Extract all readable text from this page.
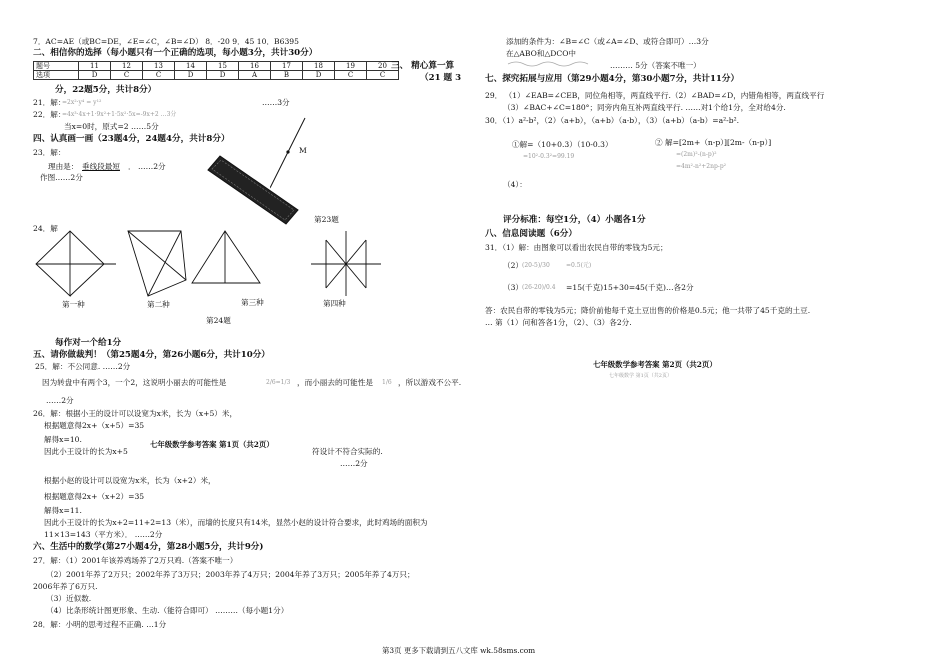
7．AC=AE（或BC=DE，∠E=∠C，∠B=∠D） 8．-20 9．45 10．B6395
二、相信你的选择（每小题只有一个正确的选项，每小题3分，共计30分）
题号	11	12	13	14	15	16	17	18	19	20
选项	D	C	C	D	D	A	B	D	C	C
三、 精心算一算
（21 题 3
分，22题5分，共计8分）
21．解：
=2x²·y⁴ = y¹²	……3分
22．解：
=4x³·4x+1·9x²+1·5x²·5x=-9x+2 …3分
当x=0时，原式=2 ……5分
四、认真画一画（23题4分，24题4分，共计8分）
23．解：
理由是： 垂线段最短 ． ……2分
作图……2分
M
第23题
24．解
第一种	第二种	第三种	第四种
第24题
每作对一个给1分
五、请你做裁判！（第25题4分，第26小题6分，共计10分）
25．解：不公同意. ……2分
因为转盘中有两个3，一个2，这说明小丽去的可能性是	2/6=1/3 ，而小丽去的可能性是 1/6 ，所以游戏不公平.
……2分
26．解：根据小王的设计可以设宽为x米，长为（x+5）米，
根据题意得2x+（x+5）=35
解得x=10.
因此小王设计的长为x+5
七年级数学参考答案 第1页（共2页）
符设计不符合实际的.
……2分
根据小赵的设计可以设宽为x米，长为（x+2）米，
根据题意得2x+（x+2）=35
解得x=11.
因此小王设计的长为x+2=11+2=13（米），而墙的长度只有14米，显然小赵的设计符合要求，此时鸡场的面积为
11×13=143（平方米）． ……2分
六、生活中的数学(第27小题4分，第28小题5分，共计9分)
27．解：（1）2001年该养鸡场养了2万只鸡.（答案不唯一）
（2）2001年养了2万只；2002年养了3万只；2003年养了4万只；2004年养了3万只；2005年养了4万只；
2006年养了6万只.
（3）近似数.
（4）比条形统计图更形象、生动.（能符合即可） ………（每小题1分）
28．解：小明的思考过程不正确. …1分
添加的条件为：∠B=∠C（或∠A=∠D、或符合即可）…3分
在△ABO和△DCO中
……… 5分（答案不唯一）
七、探究拓展与应用（第29小题4分，第30小题7分，共计11分）
29． （1）∠EAB=∠CEB，同位角相等，两直线平行.（2）∠BAD=∠D，内错角相等，两直线平行
（3）∠BAC+∠C=180°；同旁内角互补两直线平行. ……对1个给1分，全对给4分.
30．（1）a²-b²，（2）（a+b），（a+b）（a-b），（3）（a+b）（a-b）=a²-b².
①解=（10+0.3）（10-0.3）
=10²-0.3²=99.19
② 解=[2m+（n-p）][2m-（n-p）]
=(2m)²-(n-p)²
=4m²-n²+2np-p²
（4）：
评分标准：每空1分，（4）小题各1分
八、信息阅读题（6分）
31．（1）解：由图象可以看出农民自带的零钱为5元；
（2）
(20-5)/30	=0.5(元)
（3）
(26-20)/0.4 =15(千克)15+30=45(千克)…各2分
答：农民自带的零钱为5元；降价前他每千克土豆出售的价格是0.5元；他一共带了45千克的土豆.
… 第（1）问和答各1分，（2）、（3）各2分.
七年级数学参考答案 第2页（共2页）
七年级数学 第1页（共2页）
第3页 更多下载请到五八文库 wk.58sms.com
